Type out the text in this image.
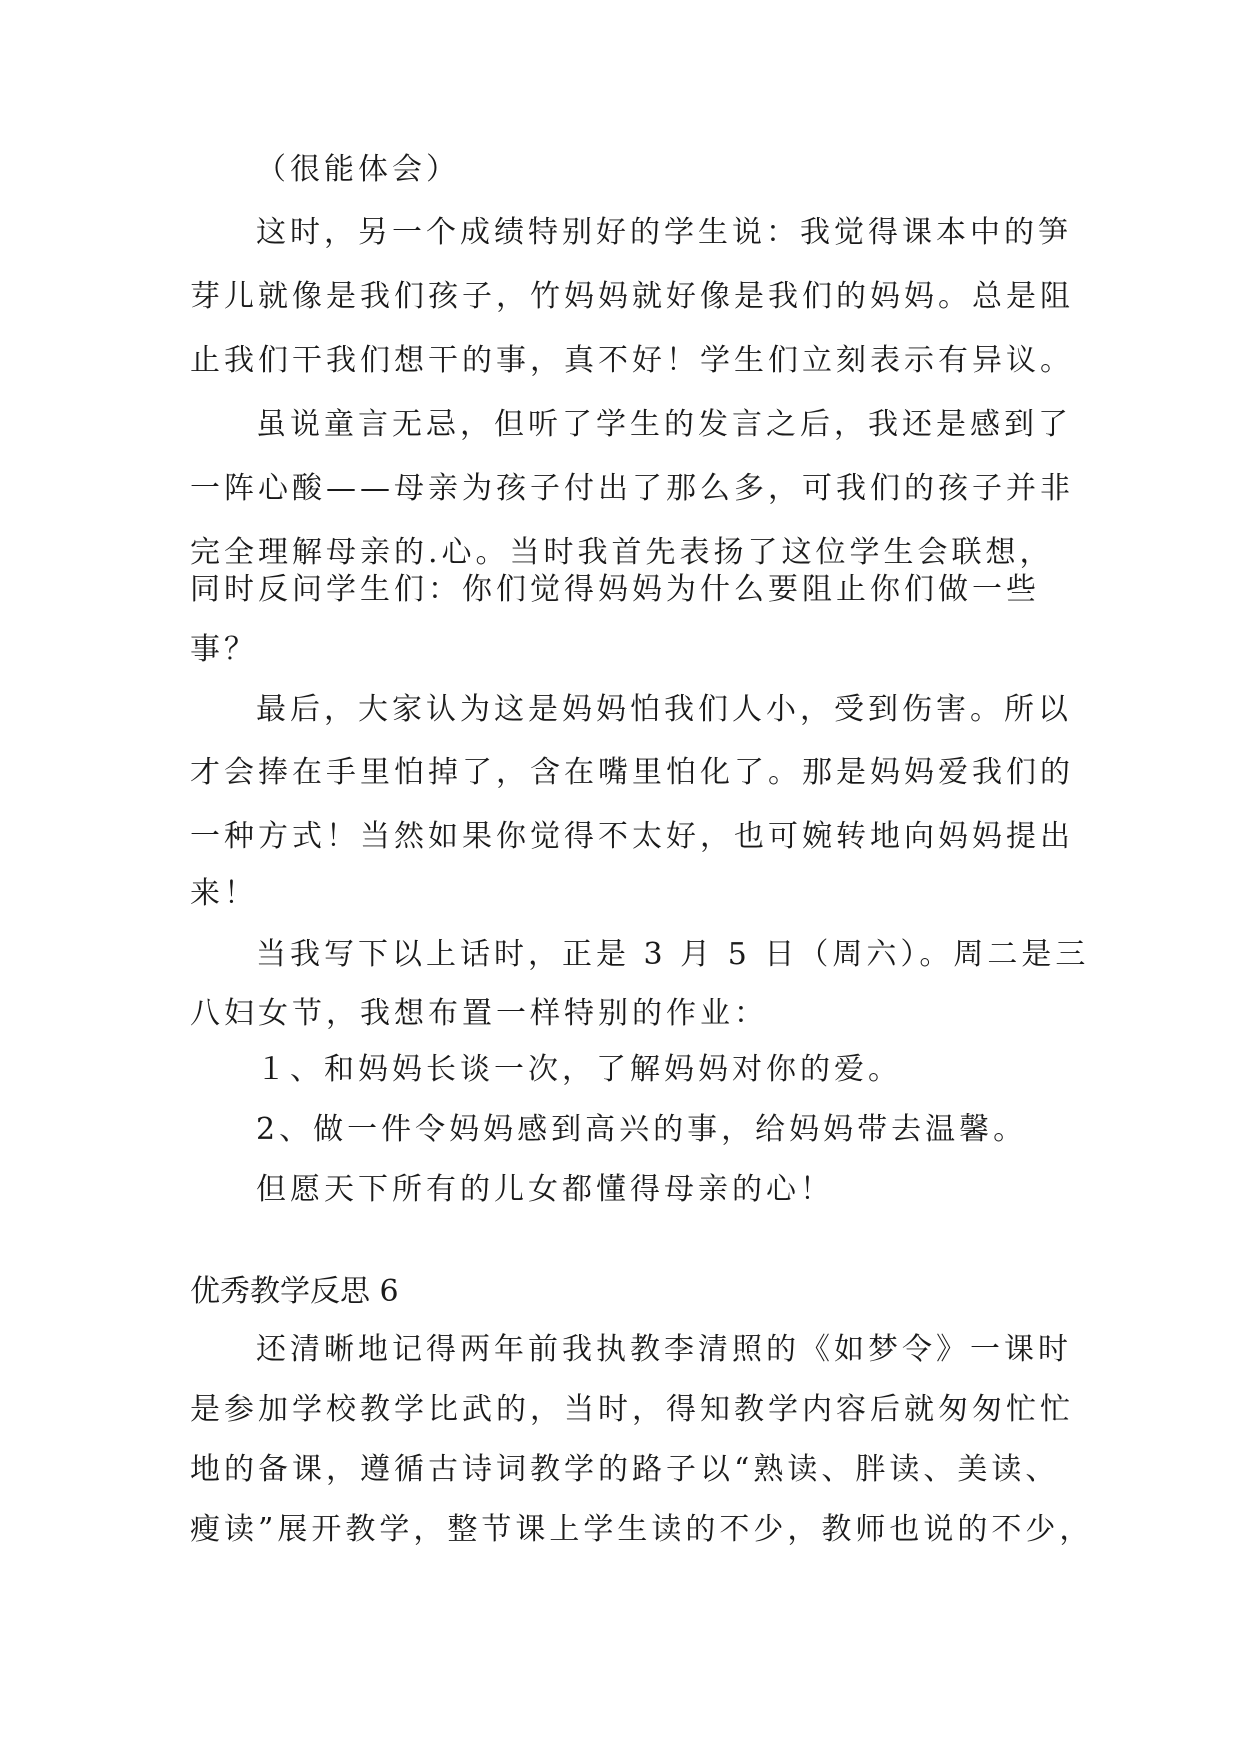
（很能体会）
这时，另一个成绩特别好的学生说：我觉得课本中的笋
芽儿就像是我们孩子，竹妈妈就好像是我们的妈妈。总是阻
止我们干我们想干的事，真不好！学生们立刻表示有异议。
虽说童言无忌，但听了学生的发言之后，我还是感到了
一阵心酸——母亲为孩子付出了那么多，可我们的孩子并非
完全理解母亲的.心。当时我首先表扬了这位学生会联想，
同时反问学生们：你们觉得妈妈为什么要阻止你们做一些
事？
最后，大家认为这是妈妈怕我们人小，受到伤害。所以
才会捧在手里怕掉了，含在嘴里怕化了。那是妈妈爱我们的
一种方式！当然如果你觉得不太好，也可婉转地向妈妈提出
来！
当我写下以上话时，正是 3 月 5 日（周六）。周二是三
八妇女节，我想布置一样特别的作业：
１、和妈妈长谈一次，了解妈妈对你的爱。
2、做一件令妈妈感到高兴的事，给妈妈带去温馨。
但愿天下所有的儿女都懂得母亲的心！
优秀教学反思 6
还清晰地记得两年前我执教李清照的《如梦令》一课时
是参加学校教学比武的，当时，得知教学内容后就匆匆忙忙
地的备课，遵循古诗词教学的路子以“熟读、胖读、美读、
瘦读”展开教学，整节课上学生读的不少，教师也说的不少，
